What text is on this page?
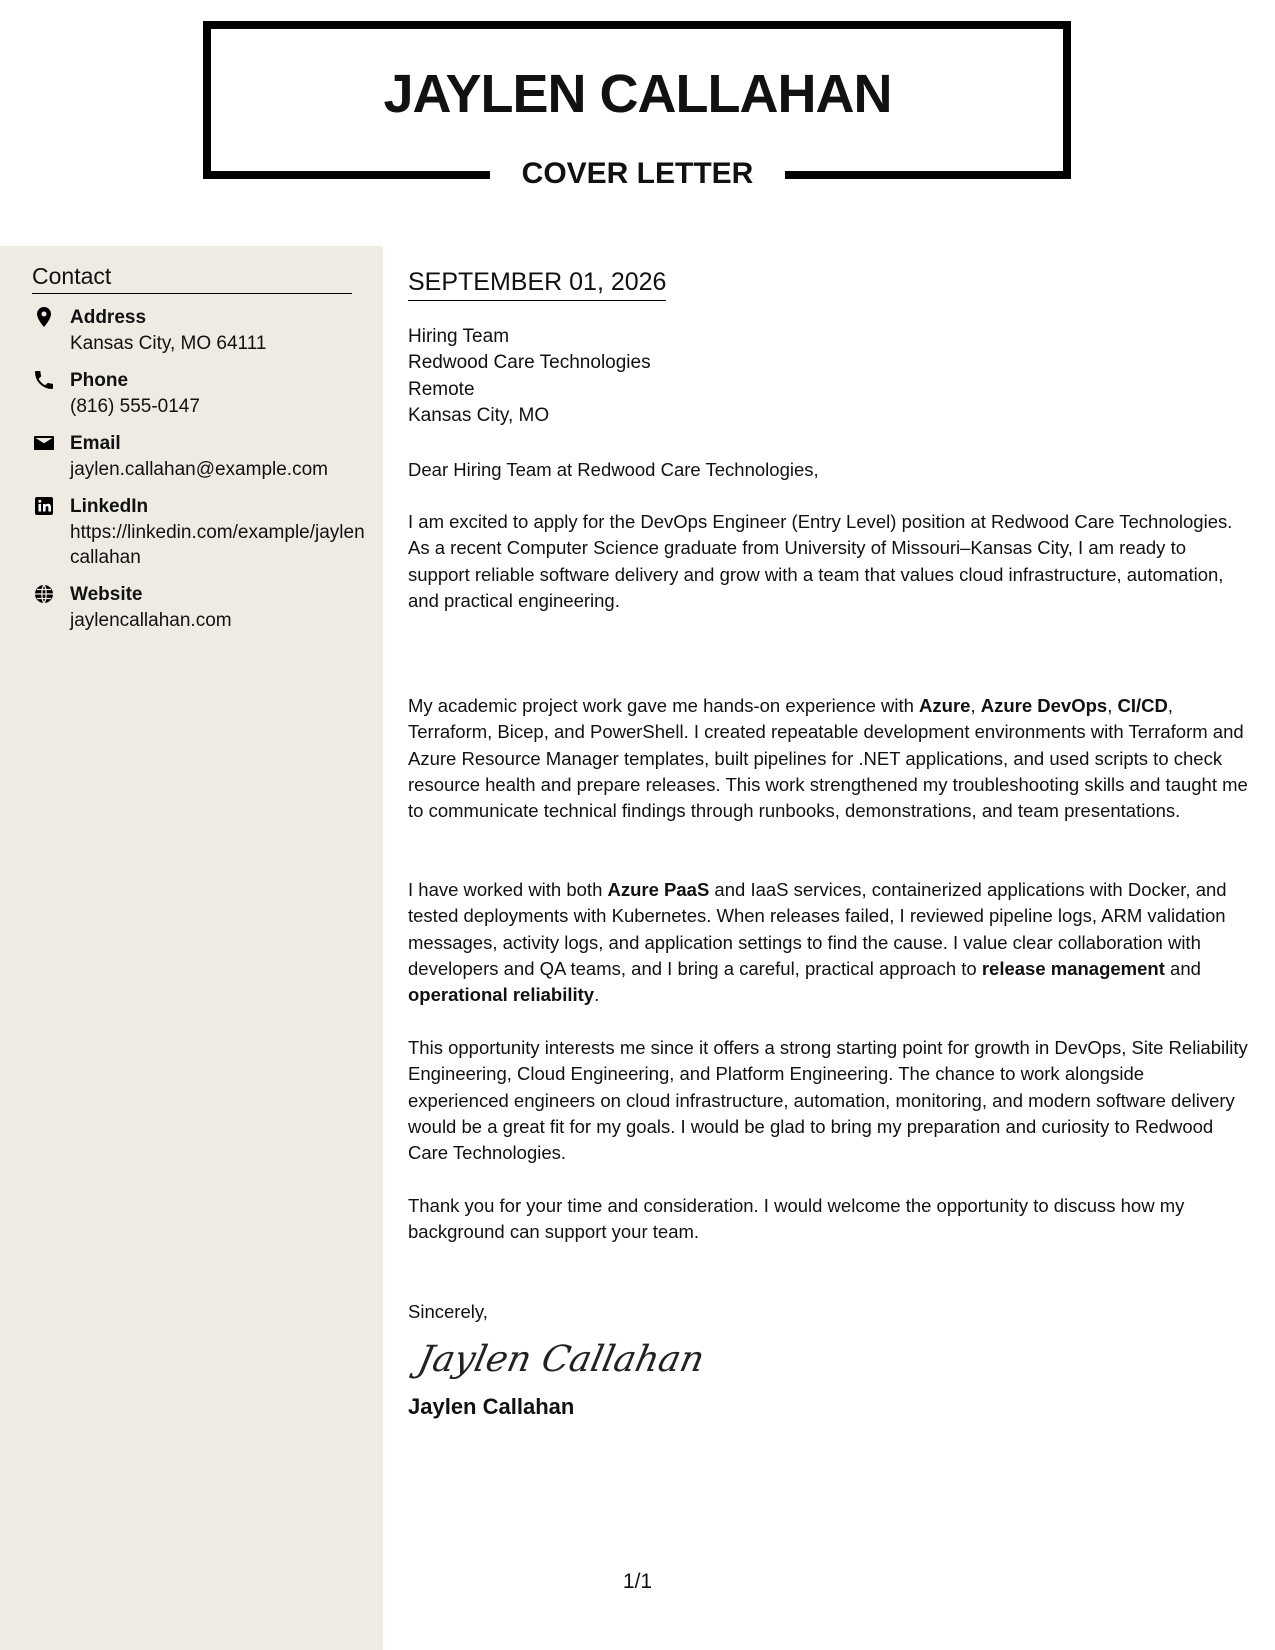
JAYLEN CALLAHAN
COVER LETTER
Contact
Address
Kansas City, MO 64111
Phone
(816) 555-0147
Email
jaylen.callahan@example.com
LinkedIn
https://linkedin.com/example/jaylencallahan
Website
jaylencallahan.com
SEPTEMBER 01, 2026
Hiring Team
Redwood Care Technologies
Remote
Kansas City, MO
Dear Hiring Team at Redwood Care Technologies,
I am excited to apply for the DevOps Engineer (Entry Level) position at Redwood Care Technologies. As a recent Computer Science graduate from University of Missouri–Kansas City, I am ready to support reliable software delivery and grow with a team that values cloud infrastructure, automation, and practical engineering.
My academic project work gave me hands-on experience with Azure, Azure DevOps, CI/CD, Terraform, Bicep, and PowerShell. I created repeatable development environments with Terraform and Azure Resource Manager templates, built pipelines for .NET applications, and used scripts to check resource health and prepare releases. This work strengthened my troubleshooting skills and taught me to communicate technical findings through runbooks, demonstrations, and team presentations.
I have worked with both Azure PaaS and IaaS services, containerized applications with Docker, and tested deployments with Kubernetes. When releases failed, I reviewed pipeline logs, ARM validation messages, activity logs, and application settings to find the cause. I value clear collaboration with developers and QA teams, and I bring a careful, practical approach to release management and operational reliability.
This opportunity interests me since it offers a strong starting point for growth in DevOps, Site Reliability Engineering, Cloud Engineering, and Platform Engineering. The chance to work alongside experienced engineers on cloud infrastructure, automation, monitoring, and modern software delivery would be a great fit for my goals. I would be glad to bring my preparation and curiosity to Redwood Care Technologies.
Thank you for your time and consideration. I would welcome the opportunity to discuss how my background can support your team.
Sincerely,
Jaylen Callahan
Jaylen Callahan
1/1
